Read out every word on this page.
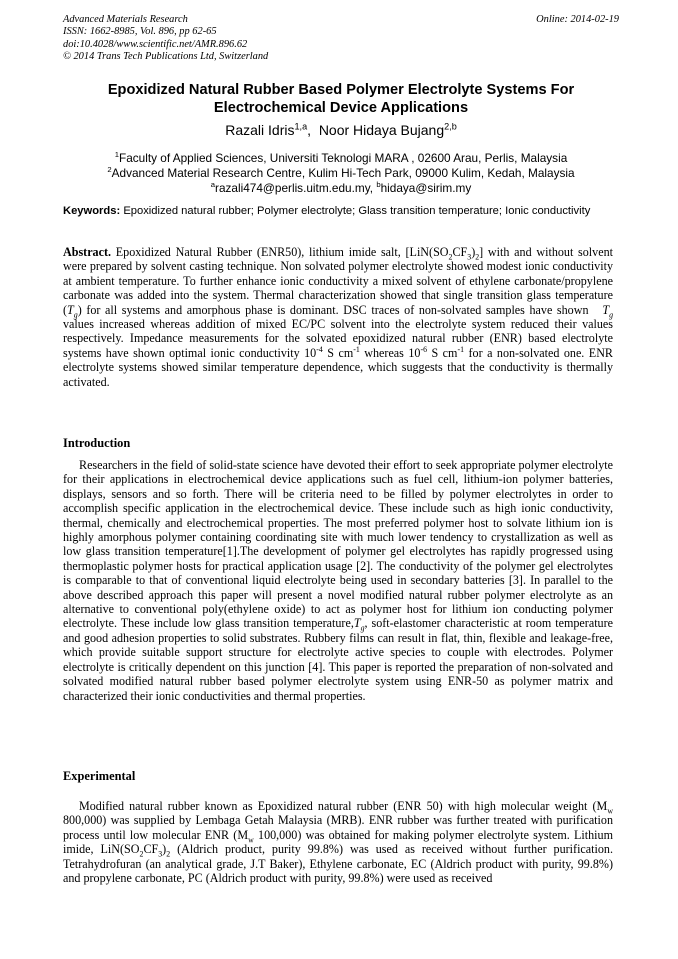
Advanced Materials Research
ISSN: 1662-8985, Vol. 896, pp 62-65
doi:10.4028/www.scientific.net/AMR.896.62
© 2014 Trans Tech Publications Ltd, Switzerland
Online: 2014-02-19
Epoxidized Natural Rubber Based Polymer Electrolyte Systems For
Electrochemical Device Applications
Razali Idris$^{1,a}$,  Noor Hidaya Bujang$^{2,b}$
$^1$Faculty of Applied Sciences, Universiti Teknologi MARA , 02600 Arau, Perlis, Malaysia
$^2$Advanced Material Research Centre, Kulim Hi-Tech Park, 09000 Kulim, Kedah, Malaysia
$^a$razali474@perlis.uitm.edu.my, $^b$hidaya@sirim.my
Keywords: Epoxidized natural rubber; Polymer electrolyte; Glass transition temperature; Ionic conductivity
Abstract. Epoxidized Natural Rubber (ENR50), lithium imide salt, $[LiN(SO_2CF_3)_2]$ with and without solvent were prepared by solvent casting technique. Non solvated polymer electrolyte showed modest ionic conductivity at ambient temperature. To further enhance ionic conductivity a mixed solvent of ethylene carbonate/propylene carbonate was added into the system. Thermal characterization showed that single transition glass temperature $(T_g)$ for all systems and amorphous phase is dominant. DSC traces of non-solvated samples have shown   $T_g$ values increased whereas addition of mixed EC/PC solvent into the electrolyte system reduced their values respectively. Impedance measurements for the solvated epoxidized natural rubber (ENR) based electrolyte systems have shown optimal ionic conductivity $10^{-4}$ S $cm^{-1}$ whereas $10^{-6}$ S $cm^{-1}$ for a non-solvated one. ENR electrolyte systems showed similar temperature dependence, which suggests that the conductivity is thermally activated.
Introduction
Researchers in the field of solid-state science have devoted their effort to seek appropriate polymer electrolyte for their applications in electrochemical device applications such as fuel cell, lithium-ion polymer batteries, displays, sensors and so forth. There will be criteria need to be filled by polymer electrolytes in order to accomplish specific application in the electrochemical device. These include such as high ionic conductivity, thermal, chemically and electrochemical properties. The most preferred polymer host to solvate lithium ion is highly amorphous polymer containing coordinating site with much lower tendency to crystallization as well as low glass transition temperature[1].The development of polymer gel electrolytes has rapidly progressed using thermoplastic polymer hosts for practical application usage [2]. The conductivity of the polymer gel electrolytes is comparable to that of conventional liquid electrolyte being used in secondary batteries [3]. In parallel to the above described approach this paper will present a novel modified natural rubber polymer electrolyte as an alternative to conventional poly(ethylene oxide) to act as polymer host for lithium ion conducting polymer electrolyte. These include low glass transition $temperature,T_g$, soft-elastomer characteristic at room temperature and good adhesion properties to solid substrates. Rubbery films can result in flat, thin, flexible and leakage-free, which provide suitable support structure for electrolyte active species to couple with electrodes. Polymer electrolyte is critically dependent on this junction [4]. This paper is reported the preparation of non-solvated and solvated modified natural rubber based polymer electrolyte system using ENR-50 as polymer matrix and characterized their ionic conductivities and thermal properties.
Experimental
Modified natural rubber known as Epoxidized natural rubber (ENR 50) with high molecular weight ($M_w$ 800,000) was supplied by Lembaga Getah Malaysia (MRB). ENR rubber was further treated with purification process until low molecular ENR ($M_w$ 100,000) was obtained for making polymer electrolyte system. Lithium imide, $LiN(SO_2CF_3)_2$ (Aldrich product, purity 99.8%) was used as received without further purification. Tetrahydrofuran (an analytical grade, J.T Baker), Ethylene carbonate, EC (Aldrich product with purity, 99.8%) and propylene carbonate, PC (Aldrich product with purity, 99.8%) were used as received
